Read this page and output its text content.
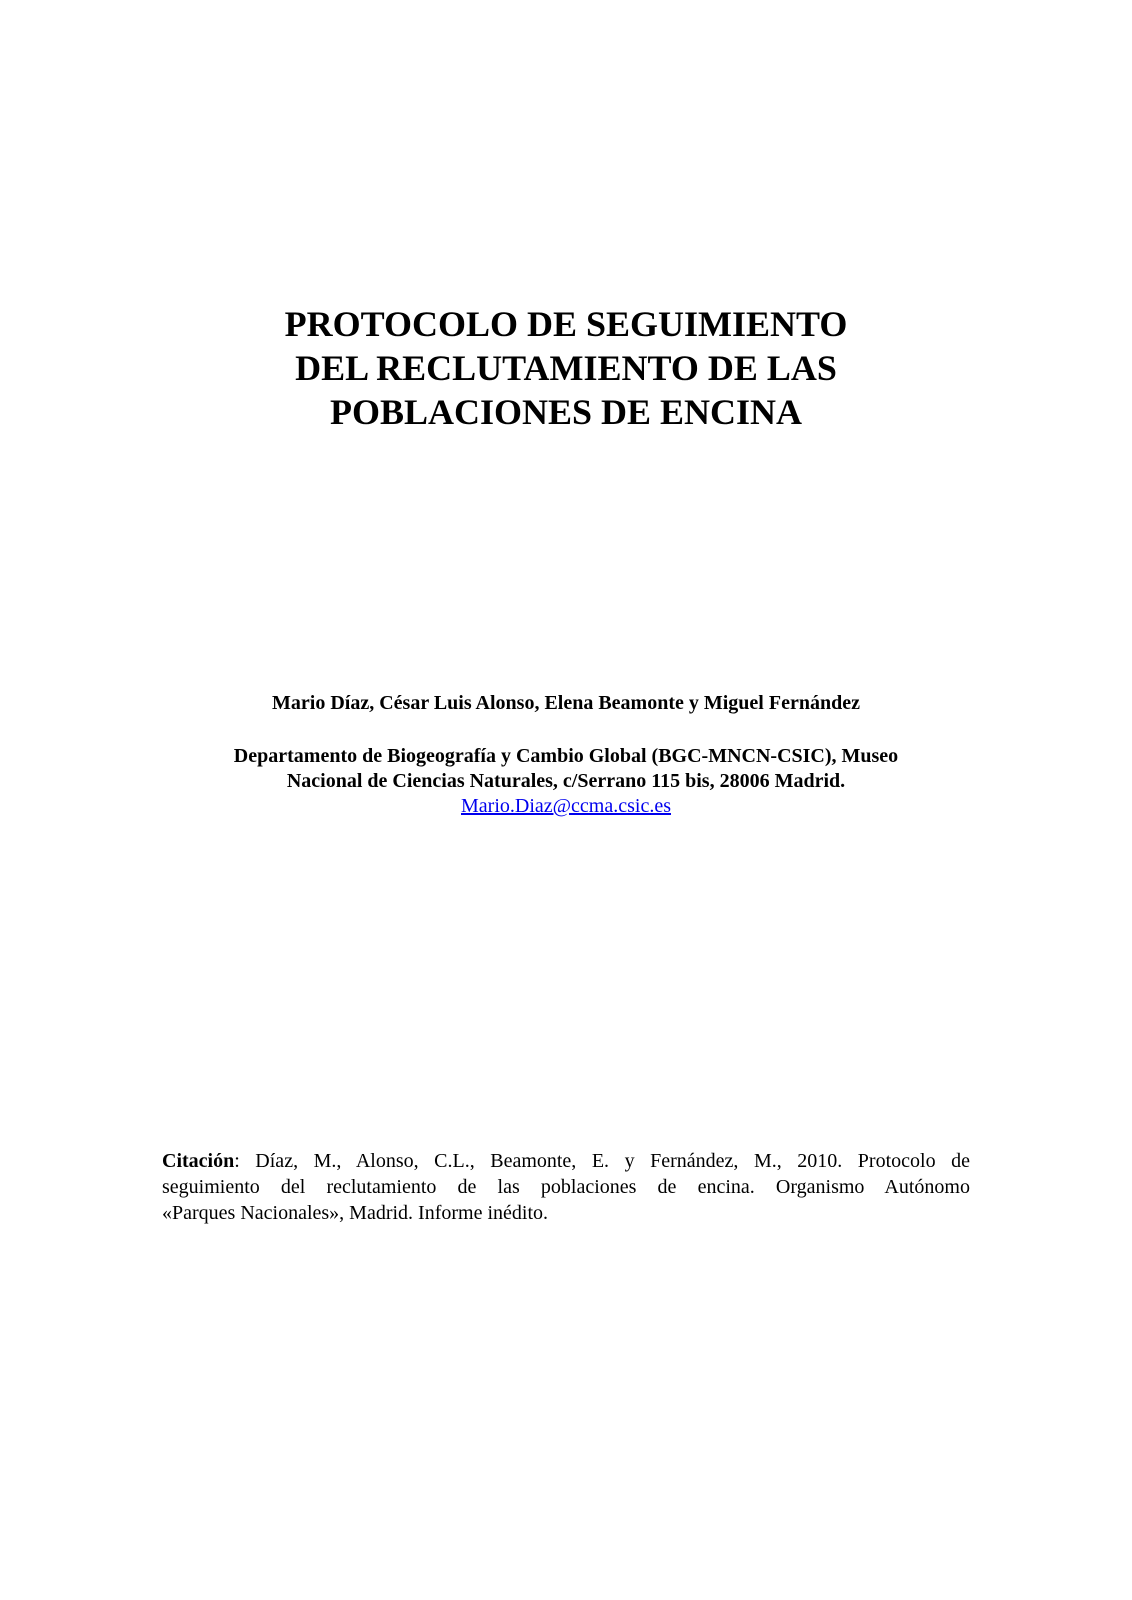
PROTOCOLO DE SEGUIMIENTO
DEL RECLUTAMIENTO DE LAS
POBLACIONES DE ENCINA
Mario Díaz, César Luis Alonso, Elena Beamonte y Miguel Fernández
Departamento de Biogeografía y Cambio Global (BGC-MNCN-CSIC), Museo
Nacional de Ciencias Naturales, c/Serrano 115 bis, 28006 Madrid.
Mario.Diaz@ccma.csic.es
Citación: Díaz, M., Alonso, C.L., Beamonte, E. y Fernández, M., 2010. Protocolo de
seguimiento del reclutamiento de las poblaciones de encina. Organismo Autónomo
«Parques Nacionales», Madrid. Informe inédito.
